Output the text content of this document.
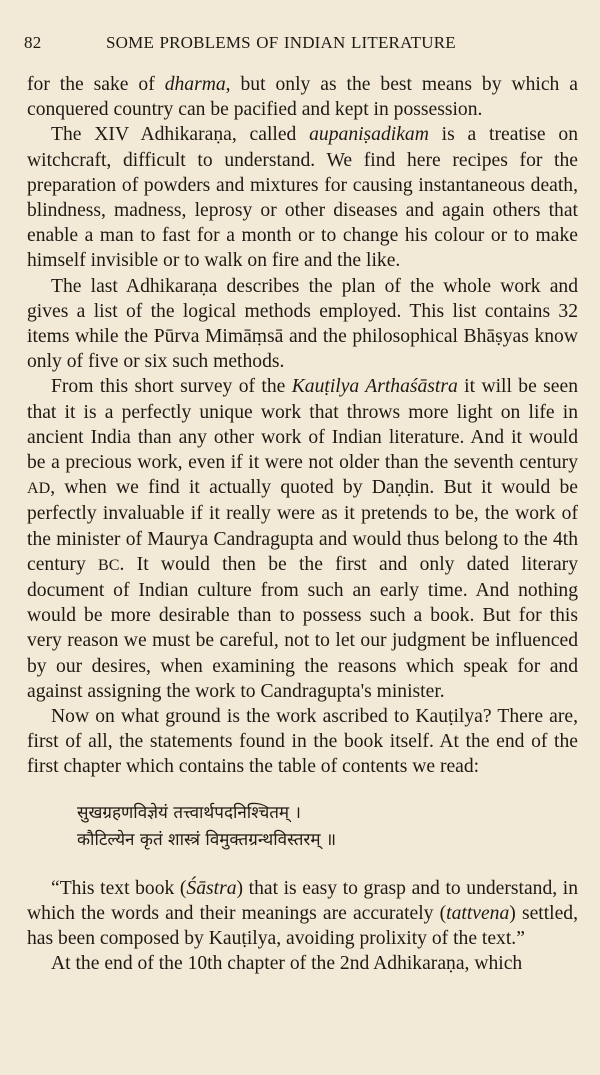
82	SOME PROBLEMS OF INDIAN LITERATURE

for the sake of dharma, but only as the best means by which a conquered country can be pacified and kept in possession.

The XIV Adhikaraṇa, called aupaniṣadikam is a treatise on witchcraft, difficult to understand. We find here recipes for the preparation of powders and mixtures for causing instantaneous death, blindness, madness, leprosy or other diseases and again others that enable a man to fast for a month or to change his colour or to make himself invisible or to walk on fire and the like.

The last Adhikaraṇa describes the plan of the whole work and gives a list of the logical methods employed. This list contains 32 items while the Pūrva Mimāṃsā and the philosophical Bhāṣyas know only of five or six such methods.

From this short survey of the Kauṭilya Arthaśāstra it will be seen that it is a perfectly unique work that throws more light on life in ancient India than any other work of Indian literature. And it would be a precious work, even if it were not older than the seventh century AD, when we find it actually quoted by Daṇḍin. But it would be perfectly invaluable if it really were as it pretends to be, the work of the minister of Maurya Candragupta and would thus belong to the 4th century BC. It would then be the first and only dated literary document of Indian culture from such an early time. And nothing would be more desirable than to possess such a book. But for this very reason we must be careful, not to let our judgment be influenced by our desires, when examining the reasons which speak for and against assigning the work to Candragupta's minister.

Now on what ground is the work ascribed to Kauṭilya? There are, first of all, the statements found in the book itself. At the end of the first chapter which contains the table of contents we read:

सुखग्रहणविज्ञेयं तत्त्वार्थपदनिश्चितम् ।
कौटिल्येन कृतं शास्त्रं विमुक्तग्रन्थविस्तरम् ॥

“This text book (Śāstra) that is easy to grasp and to understand, in which the words and their meanings are accurately (tattvena) settled, has been composed by Kauṭilya, avoiding prolixity of the text.”

At the end of the 10th chapter of the 2nd Adhikaraṇa, which
